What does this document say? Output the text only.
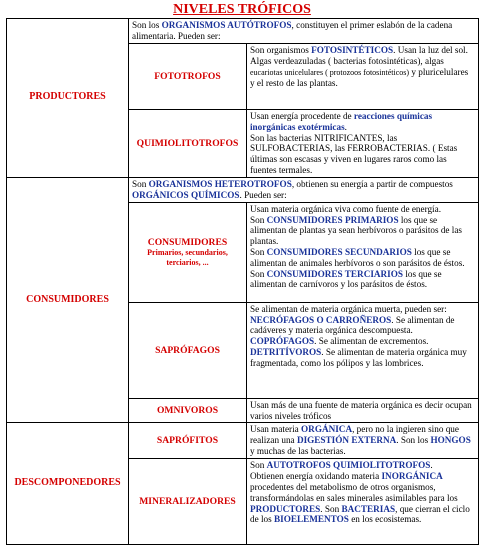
NIVELES TRÓFICOS
PRODUCTORES	Son los ORGANISMOS AUTÓTROFOS, constituyen el primer eslabón de la cadena alimentaria. Pueden ser:	
	FOTOTROFOS	Son organismos FOTOSINTÉTICOS. Usan la luz del sol.
Algas verdeazuladas ( bacterias fotosintéticas), algas eucariotas unicelulares ( protozoos fotosintéticos) y pluricelulares y el resto de las plantas.
	QUIMIOLITOTROFOS	Usan energía procedente de reacciones químicas inorgánicas exotérmicas.
Son las bacterias NITRIFICANTES, las SULFOBACTERIAS, las FERROBACTERIAS. ( Estas últimas son escasas y viven en lugares raros como las fuentes termales.
CONSUMIDORES	Son ORGANISMOS HETEROTROFOS, obtienen su energía a partir de compuestos ORGÁNICOS QUÍMICOS. Pueden ser:	
	CONSUMIDORES
Primarios, secundarios, terciarios, ...	Usan materia orgánica viva como fuente de energía.
Son CONSUMIDORES PRIMARIOS los que se alimentan de plantas ya sean herbívoros o parásitos de las plantas.
Son CONSUMIDORES SECUNDARIOS los que se alimentan de animales herbívoros o son parásitos de éstos.
Son CONSUMIDORES TERCIARIOS los que se alimentan de carnívoros y los parásitos de éstos.
	SAPRÓFAGOS	Se alimentan de materia orgánica muerta, pueden ser:
NECRÓFAGOS O CARROÑEROS. Se alimentan de cadáveres y materia orgánica descompuesta.
COPRÓFAGOS. Se alimentan de excrementos.
DETRITÍVOROS. Se alimentan de materia orgánica muy fragmentada, como los pólipos y las lombrices.
	OMNIVOROS	Usan más de una fuente de materia orgánica es decir ocupan varios niveles tróficos
DESCOMPONEDORES	SAPRÓFITOS	Usan materia ORGÁNICA, pero no la ingieren sino que realizan una DIGESTIÓN EXTERNA. Son los HONGOS y muchas de las bacterias.
	MINERALIZADORES	Son AUTOTROFOS QUIMIOLITOTROFOS.
Obtienen energía oxidando materia INORGÁNICA procedentes del metabolismo de otros organismos, transformándolas en sales minerales asimilables para los PRODUCTORES. Son BACTERIAS, que cierran el ciclo de los BIOELEMENTOS en los ecosistemas.
